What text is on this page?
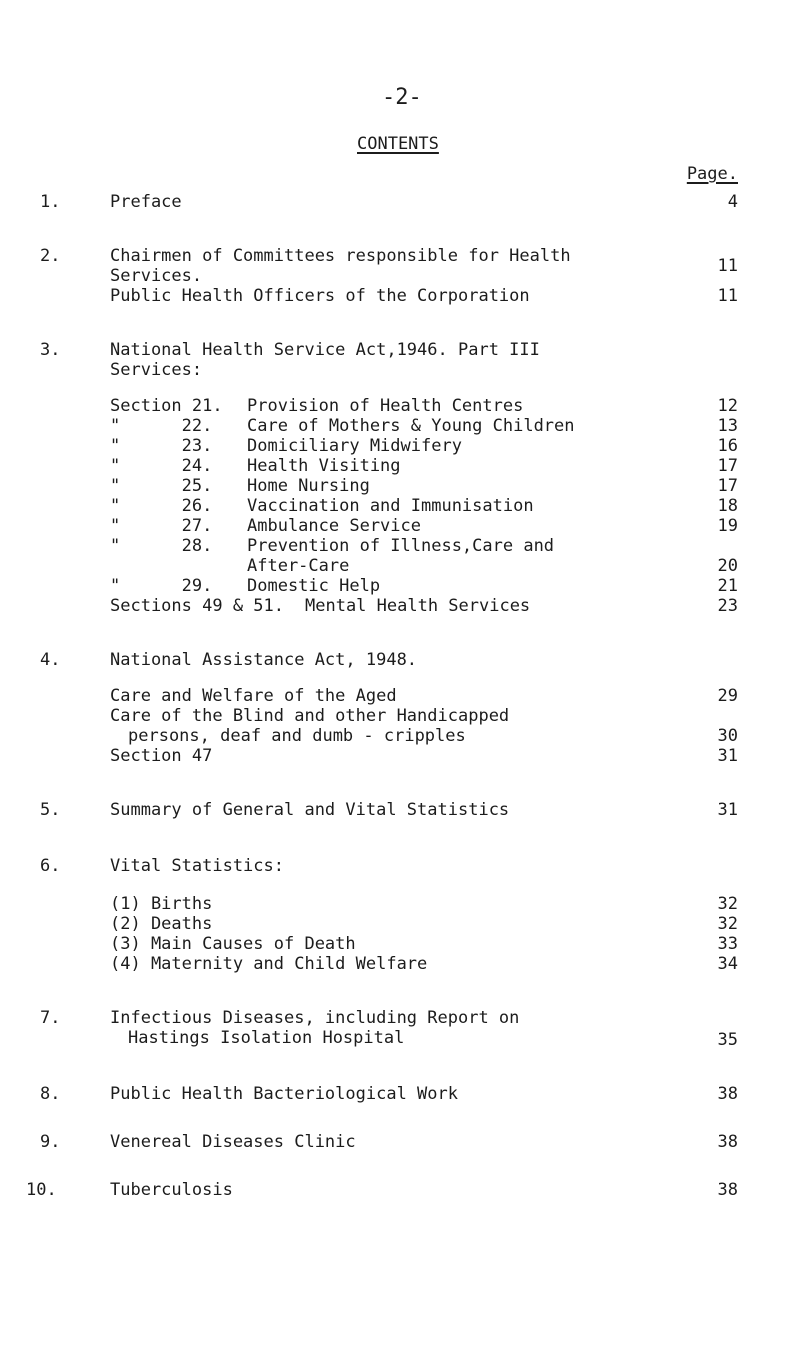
-2-
CONTENTS
Page.
1.	Preface	4
2.	Chairmen of Committees responsible for Health
Services.	11
Public Health Officers of the Corporation	11
3.	National Health Service Act,1946. Part III
Services:
Section 21. Provision of Health Centres	12
"      22. Care of Mothers & Young Children	13
"      23. Domiciliary Midwifery	16
"      24. Health Visiting	17
"      25. Home Nursing	17
"      26. Vaccination and Immunisation	18
"      27. Ambulance Service	19
"      28. Prevention of Illness,Care and
After-Care	20
"      29. Domestic Help	21
Sections 49 & 51. Mental Health Services	23
4.	National Assistance Act, 1948.
Care and Welfare of the Aged	29
Care of the Blind and other Handicapped
persons, deaf and dumb - cripples	30
Section 47	31
5.	Summary of General and Vital Statistics	31
6.	Vital Statistics:
(1) Births	32
(2) Deaths	32
(3) Main Causes of Death	33
(4) Maternity and Child Welfare	34
7.	Infectious Diseases, including Report on
Hastings Isolation Hospital	35
8.	Public Health Bacteriological Work	38
9.	Venereal Diseases Clinic	38
10.	Tuberculosis	38
